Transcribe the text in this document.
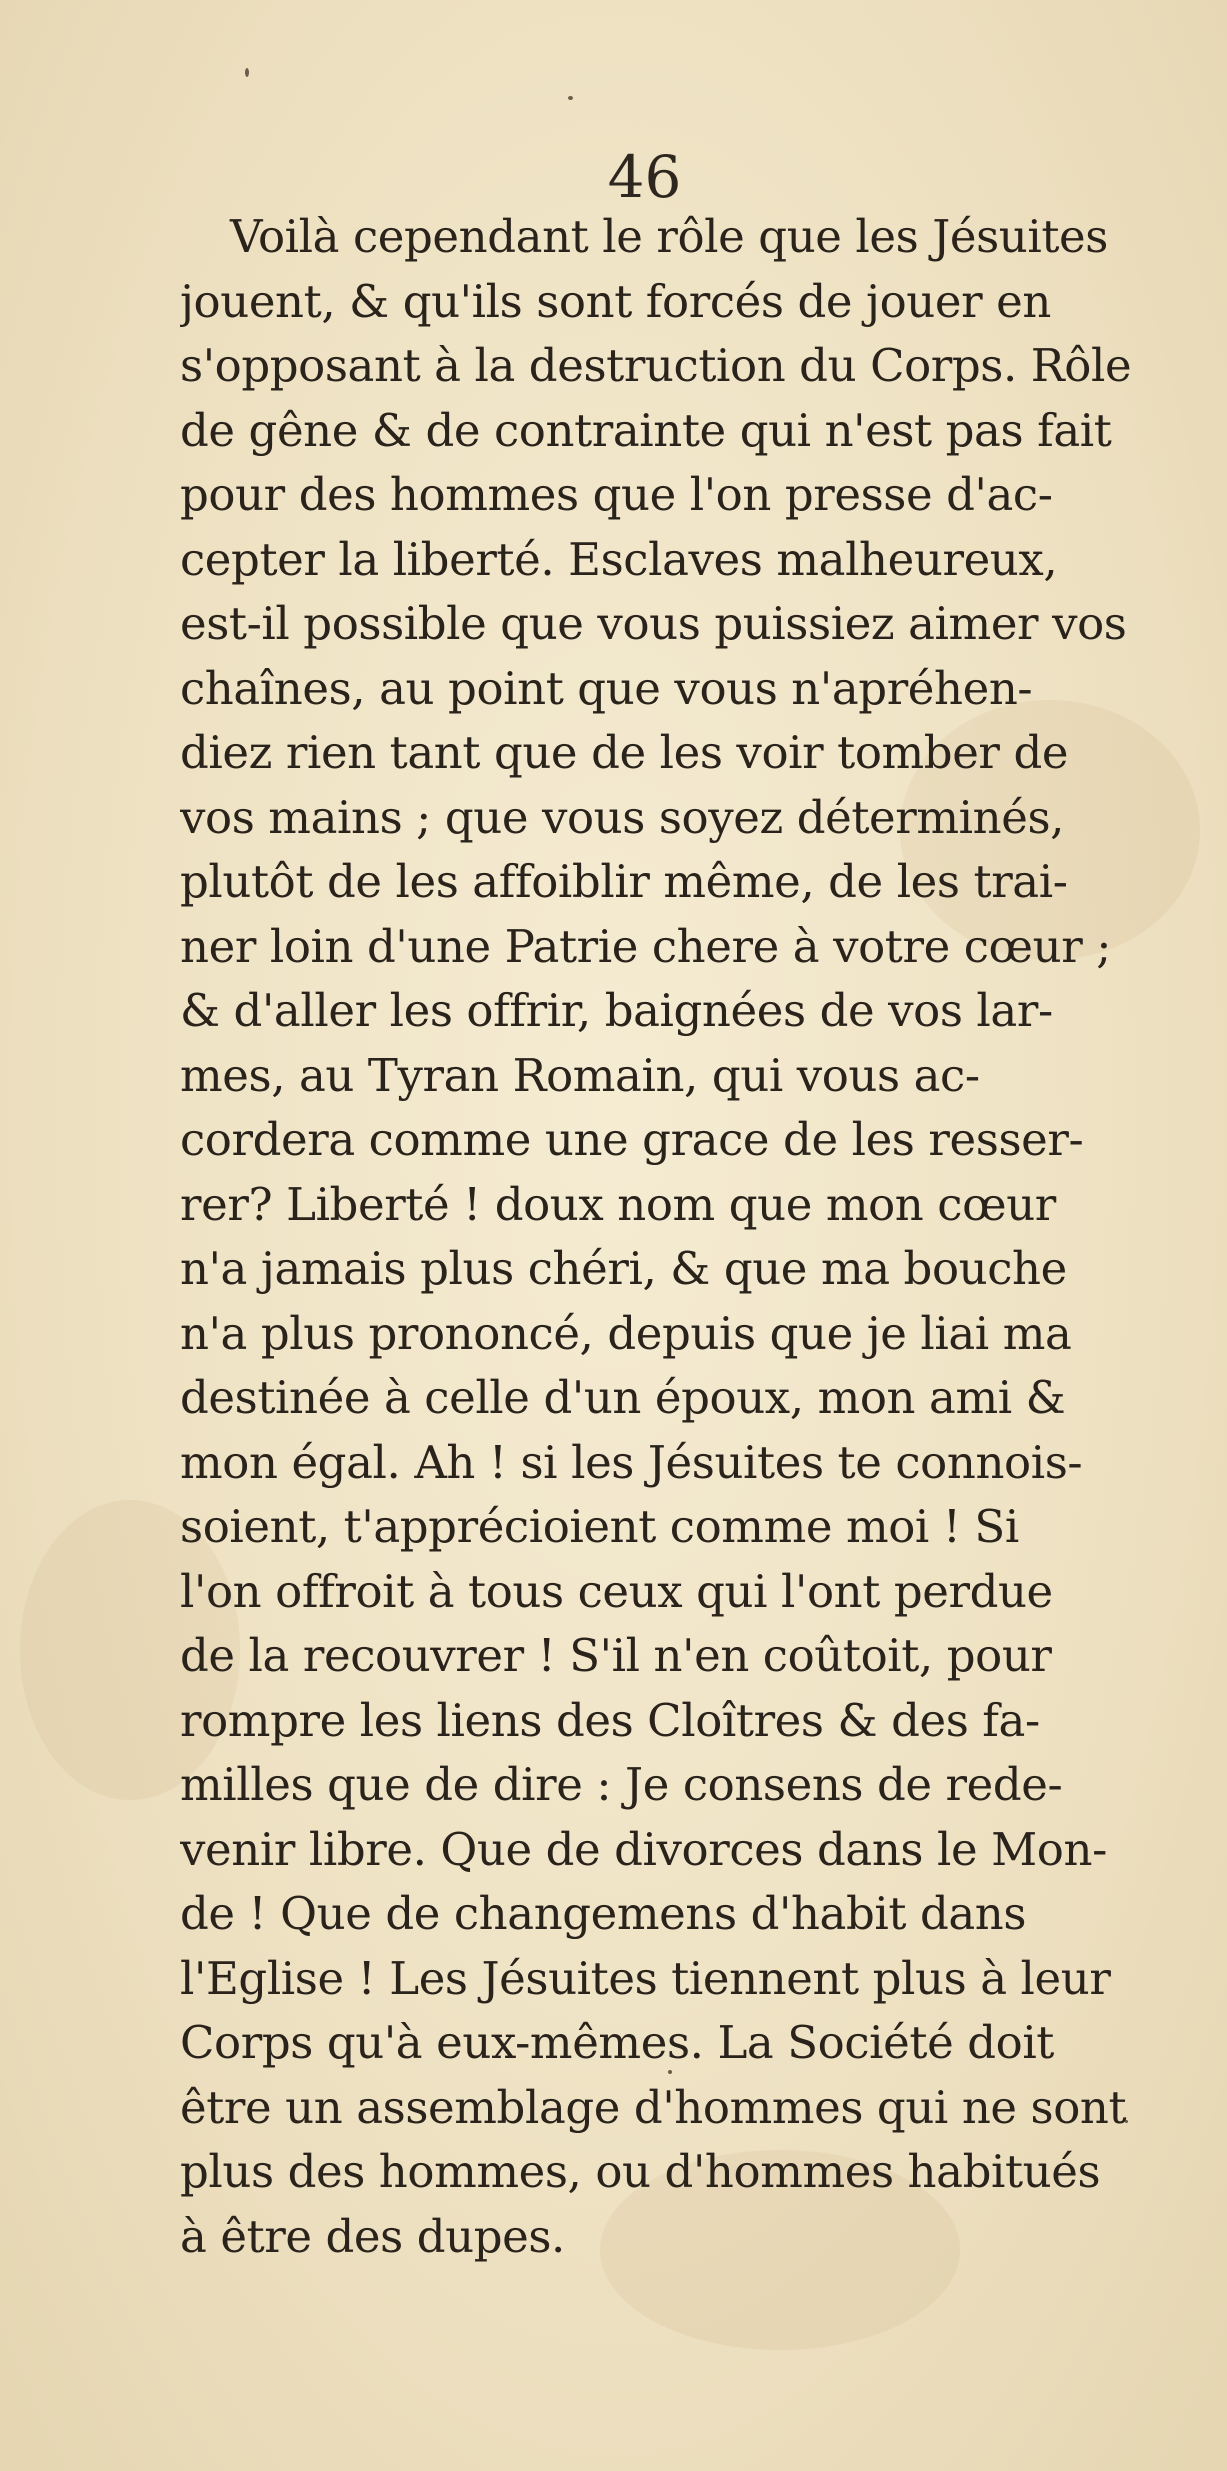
46
Voilà cependant le rôle que les Jésuites
jouent, & qu'ils sont forcés de jouer en
s'opposant à la destruction du Corps. Rôle
de gêne & de contrainte qui n'est pas fait
pour des hommes que l'on presse d'ac-
cepter la liberté. Esclaves malheureux,
est-il possible que vous puissiez aimer vos
chaînes, au point que vous n'apréhen-
diez rien tant que de les voir tomber de
vos mains ; que vous soyez déterminés,
plutôt de les affoiblir même, de les trai-
ner loin d'une Patrie chere à votre cœur ;
& d'aller les offrir, baignées de vos lar-
mes, au Tyran Romain, qui vous ac-
cordera comme une grace de les resser-
rer? Liberté ! doux nom que mon cœur
n'a jamais plus chéri, & que ma bouche
n'a plus prononcé, depuis que je liai ma
destinée à celle d'un époux, mon ami &
mon égal. Ah ! si les Jésuites te connois-
soient, t'apprécioient comme moi ! Si
l'on offroit à tous ceux qui l'ont perdue
de la recouvrer ! S'il n'en coûtoit, pour
rompre les liens des Cloîtres & des fa-
milles que de dire : Je consens de rede-
venir libre. Que de divorces dans le Mon-
de ! Que de changemens d'habit dans
l'Eglise ! Les Jésuites tiennent plus à leur
Corps qu'à eux-mêmes. La Société doit
être un assemblage d'hommes qui ne sont
plus des hommes, ou d'hommes habitués
à être des dupes.
